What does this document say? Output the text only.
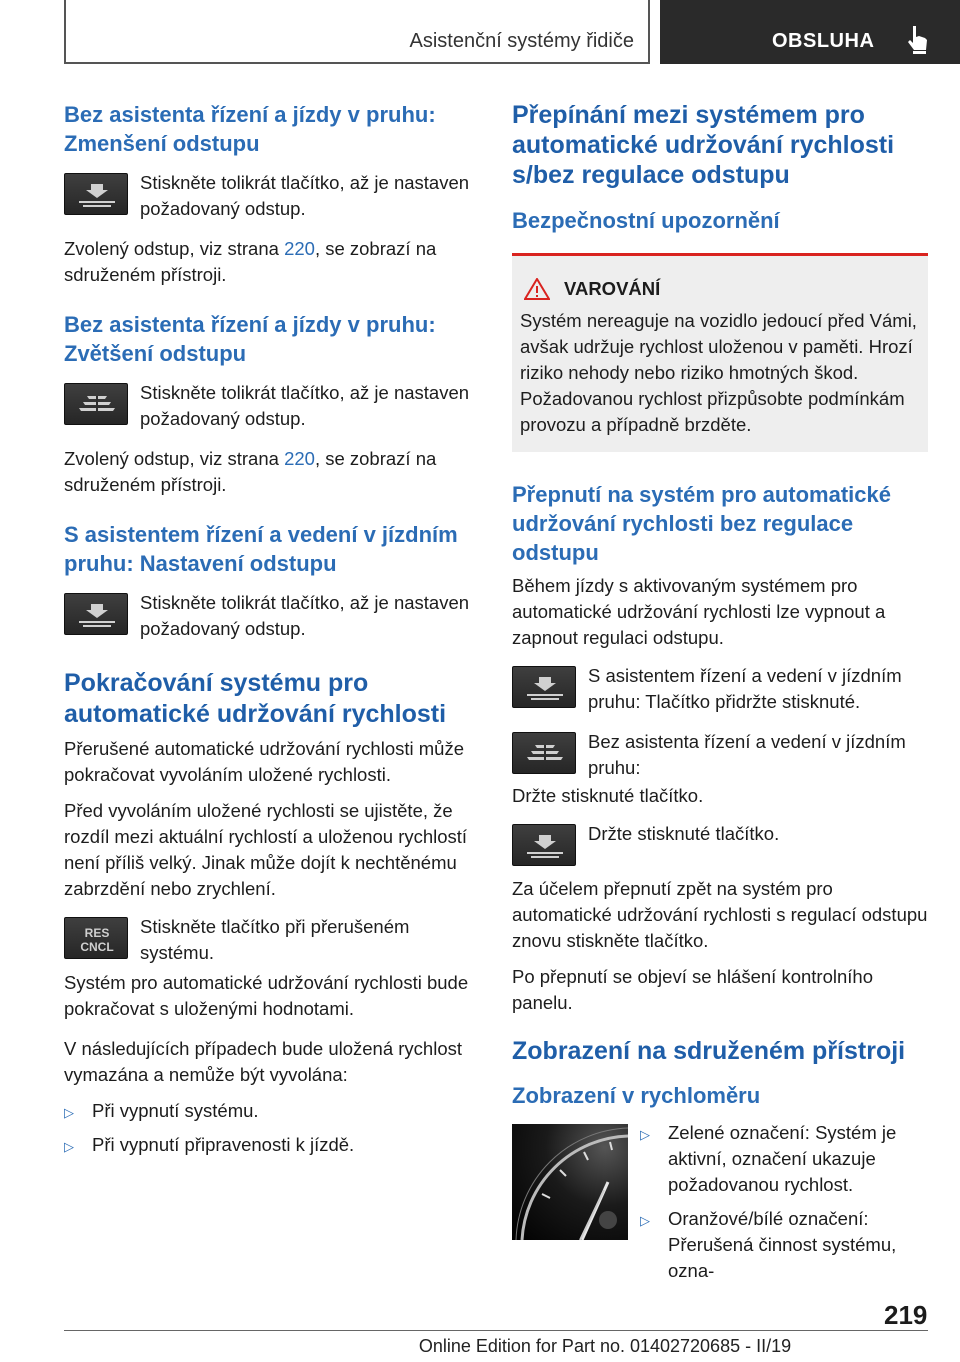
Asistenční systémy řidiče	OBSLUHA
Bez asistenta řízení a jízdy v pruhu: Zmenšení odstupu
Stiskněte tolikrát tlačítko, až je nastaven požadovaný odstup.
Zvolený odstup, viz strana 220, se zobrazí na sdruženém přístroji.
Bez asistenta řízení a jízdy v pruhu: Zvětšení odstupu
Stiskněte tolikrát tlačítko, až je nastaven požadovaný odstup.
Zvolený odstup, viz strana 220, se zobrazí na sdruženém přístroji.
S asistentem řízení a vedení v jízdním pruhu: Nastavení odstupu
Stiskněte tolikrát tlačítko, až je nastaven požadovaný odstup.
Pokračování systému pro automatické udržování rychlosti
Přerušené automatické udržování rychlosti může pokračovat vyvoláním uložené rychlosti.
Před vyvoláním uložené rychlosti se ujistěte, že rozdíl mezi aktuální rychlostí a uloženou rychlostí není příliš velký. Jinak může dojít k nechtěnému zabrzdění nebo zrychlení.
RES
CNCL
Stiskněte tlačítko při přerušeném systému.
Systém pro automatické udržování rychlosti bude pokračovat s uloženými hodnotami.
V následujících případech bude uložená rychlost vymazána a nemůže být vyvolána:
▷ Při vypnutí systému.
▷ Při vypnutí připravenosti k jízdě.
Přepínání mezi systémem pro automatické udržování rychlosti s/bez regulace odstupu
Bezpečnostní upozornění
VAROVÁNÍ
Systém nereaguje na vozidlo jedoucí před Vámi, avšak udržuje rychlost uloženou v paměti. Hrozí riziko nehody nebo riziko hmotných škod. Požadovanou rychlost přizpůsobte podmínkám provozu a případně brzděte.
Přepnutí na systém pro automatické udržování rychlosti bez regulace odstupu
Během jízdy s aktivovaným systémem pro automatické udržování rychlosti lze vypnout a zapnout regulaci odstupu.
S asistentem řízení a vedení v jízdním pruhu: Tlačítko přidržte stisknuté.
Bez asistenta řízení a vedení v jízdním pruhu:
Držte stisknuté tlačítko.
Držte stisknuté tlačítko.
Za účelem přepnutí zpět na systém pro automatické udržování rychlosti s regulací odstupu znovu stiskněte tlačítko.
Po přepnutí se objeví se hlášení kontrolního panelu.
Zobrazení na sdruženém přístroji
Zobrazení v rychloměru
▷ Zelené označení: Systém je aktivní, označení ukazuje požadovanou rychlost.
▷ Oranžové/bílé označení: Přerušená činnost systému, ozna-
219
Online Edition for Part no. 01402720685 - II/19
